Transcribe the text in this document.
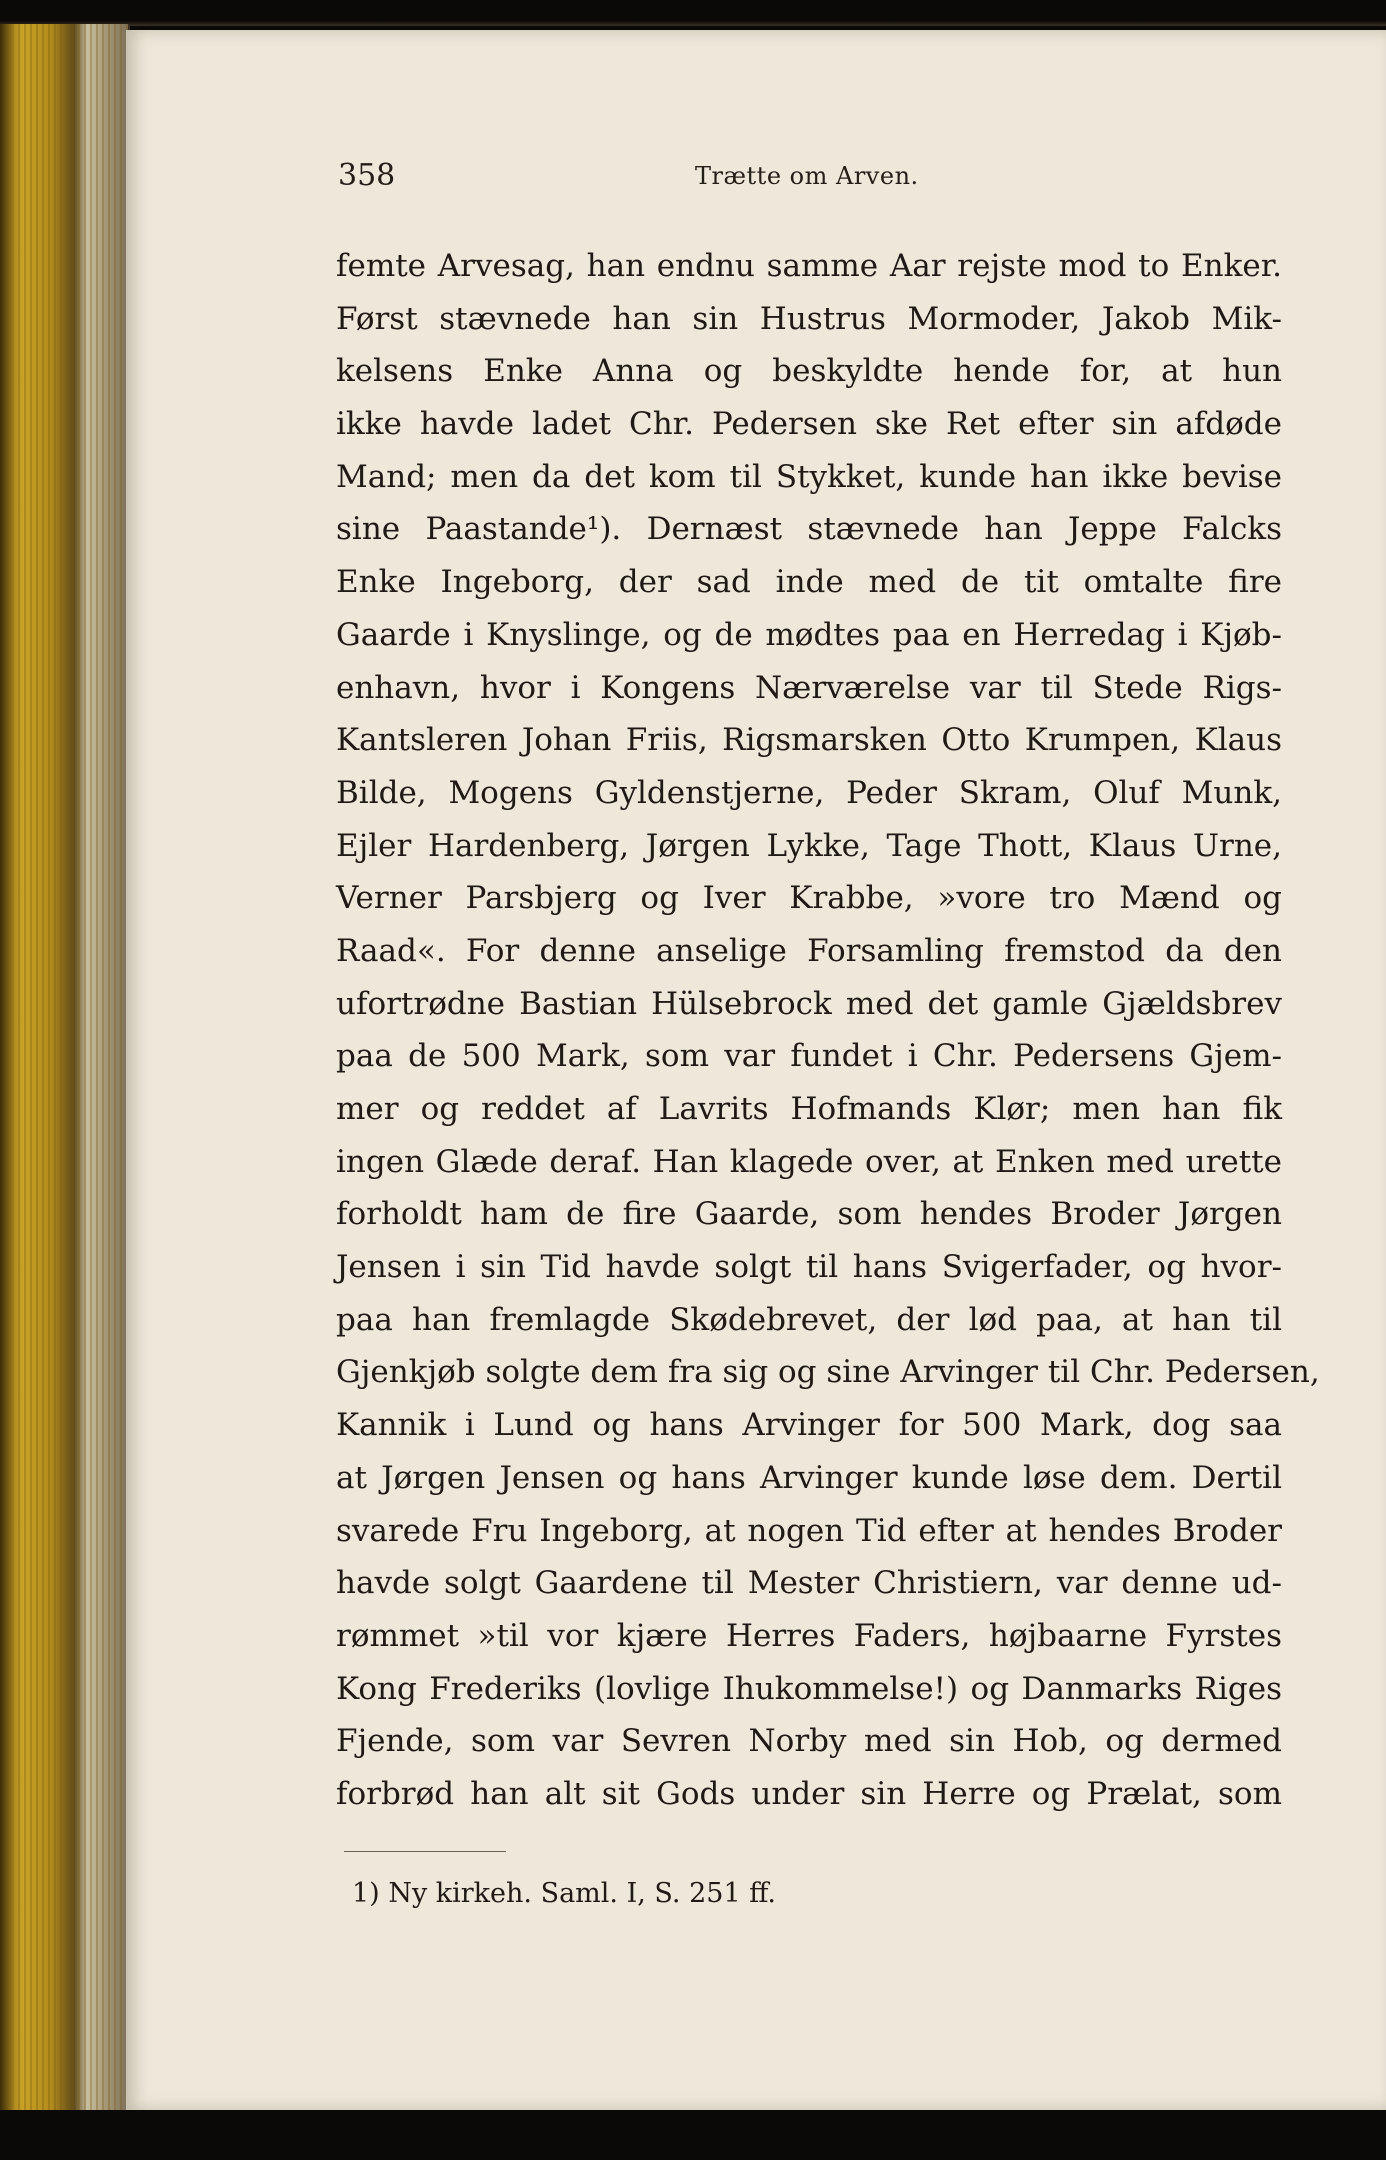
358	Trætte om Arven.
femte Arvesag, han endnu samme Aar rejste mod to Enker.
Først stævnede han sin Hustrus Mormoder, Jakob Mik-
kelsens Enke Anna og beskyldte hende for, at hun
ikke havde ladet Chr. Pedersen ske Ret efter sin afdøde
Mand; men da det kom til Stykket, kunde han ikke bevise
sine Paastande¹). Dernæst stævnede han Jeppe Falcks
Enke Ingeborg, der sad inde med de tit omtalte fire
Gaarde i Knyslinge, og de mødtes paa en Herredag i Kjøb-
enhavn, hvor i Kongens Nærværelse var til Stede Rigs-
Kantsleren Johan Friis, Rigsmarsken Otto Krumpen, Klaus
Bilde, Mogens Gyldenstjerne, Peder Skram, Oluf Munk,
Ejler Hardenberg, Jørgen Lykke, Tage Thott, Klaus Urne,
Verner Parsbjerg og Iver Krabbe, »vore tro Mænd og
Raad«. For denne anselige Forsamling fremstod da den
ufortrødne Bastian Hülsebrock med det gamle Gjældsbrev
paa de 500 Mark, som var fundet i Chr. Pedersens Gjem-
mer og reddet af Lavrits Hofmands Klør; men han fik
ingen Glæde deraf. Han klagede over, at Enken med urette
forholdt ham de fire Gaarde, som hendes Broder Jørgen
Jensen i sin Tid havde solgt til hans Svigerfader, og hvor-
paa han fremlagde Skødebrevet, der lød paa, at han til
Gjenkjøb solgte dem fra sig og sine Arvinger til Chr. Pedersen,
Kannik i Lund og hans Arvinger for 500 Mark, dog saa
at Jørgen Jensen og hans Arvinger kunde løse dem. Dertil
svarede Fru Ingeborg, at nogen Tid efter at hendes Broder
havde solgt Gaardene til Mester Christiern, var denne ud-
rømmet »til vor kjære Herres Faders, højbaarne Fyrstes
Kong Frederiks (lovlige Ihukommelse!) og Danmarks Riges
Fjende, som var Sevren Norby med sin Hob, og dermed
forbrød han alt sit Gods under sin Herre og Prælat, som
1) Ny kirkeh. Saml. I, S. 251 ff.
